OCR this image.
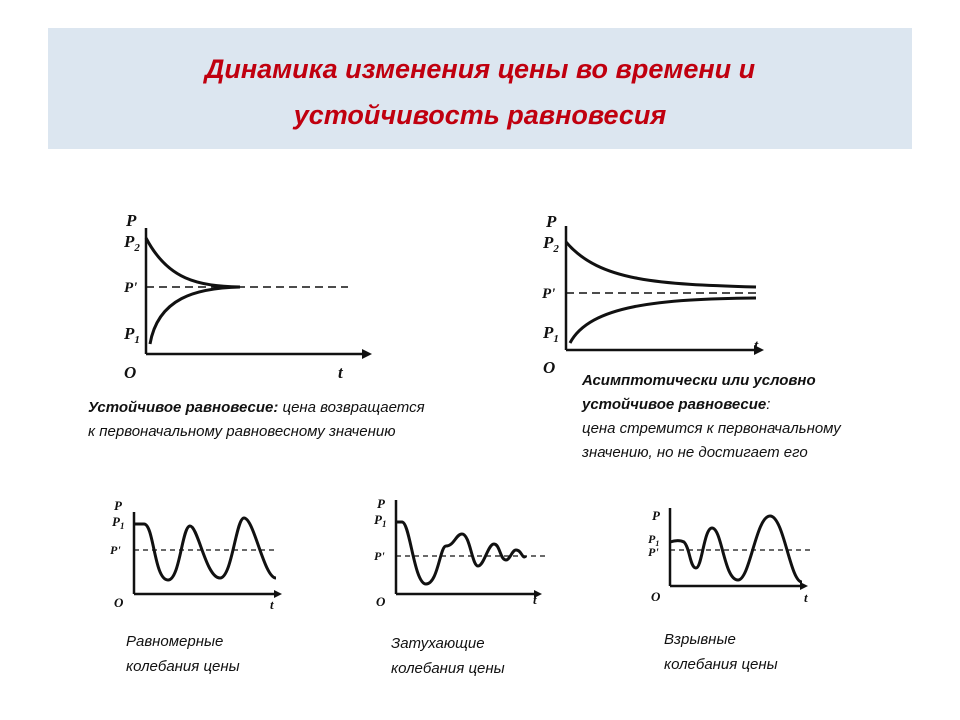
Динамика изменения цены во времени и
устойчивость равновесия
P
$P_2$
P'
$P_1$
O	t
P
$P_2$
P'
$P_1$
O
t
P
$P_1$
P'
O	t
P
$P_1$
P'
O	t
P
$P_1$
P'
O	t
Устойчивое равновесие: цена возвращается
к первоначальному равновесному значению
Асимптотически или условно
устойчивое равновесие:
цена стремится к первоначальному
значению, но не достигает его
Равномерные
колебания цены
Затухающие
колебания цены
Взрывные
колебания цены
